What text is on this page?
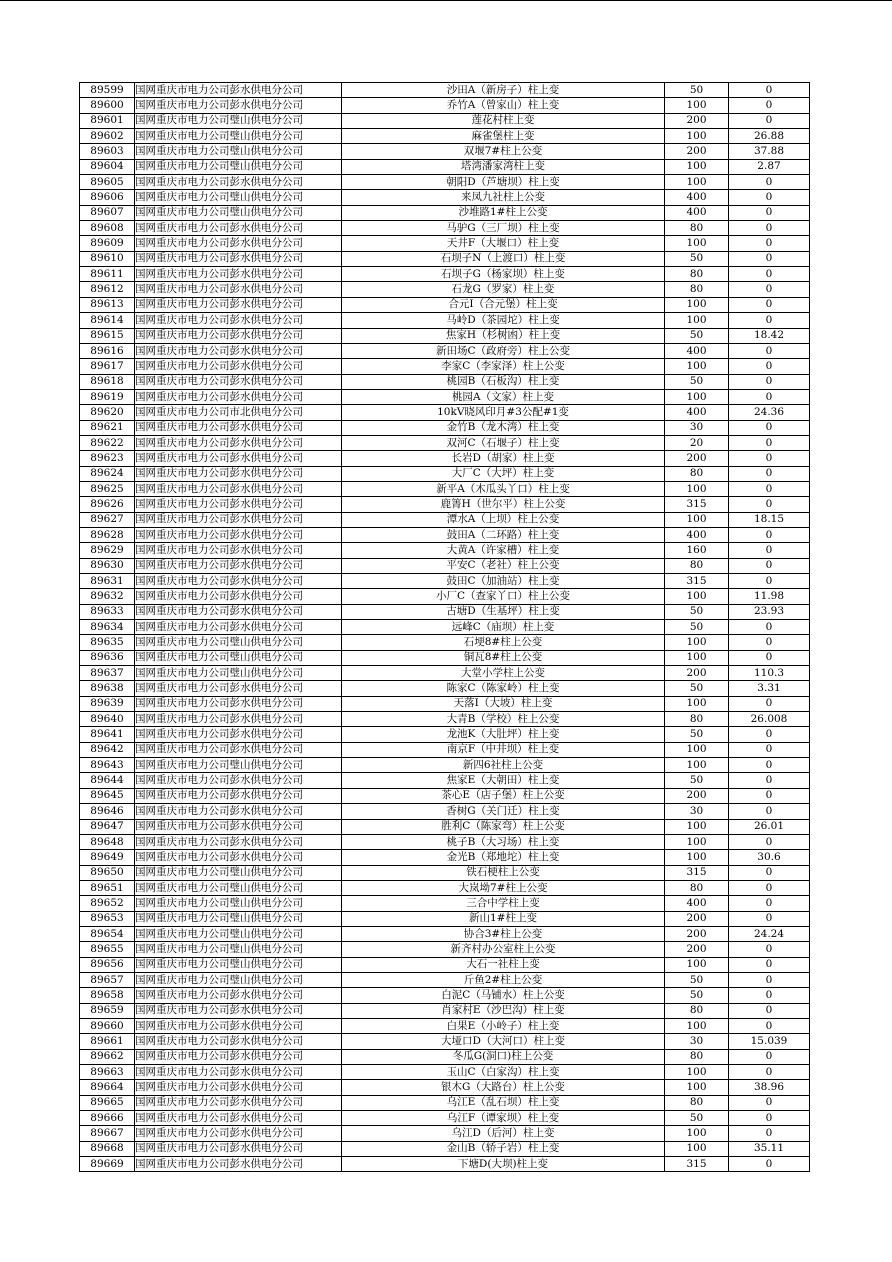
89599	国网重庆市电力公司彭水供电分公司	沙田A（新房子）柱上变	50	0
89600	国网重庆市电力公司彭水供电分公司	乔竹A（曾家山）柱上变	100	0
89601	国网重庆市电力公司璧山供电分公司	莲花村柱上变	200	0
89602	国网重庆市电力公司璧山供电分公司	麻雀堡柱上变	100	26.88
89603	国网重庆市电力公司璧山供电分公司	双堰7#柱上公变	200	37.88
89604	国网重庆市电力公司璧山供电分公司	塔湾潘家湾柱上变	100	2.87
89605	国网重庆市电力公司彭水供电分公司	朝阳D（芦塘坝）柱上变	100	0
89606	国网重庆市电力公司璧山供电分公司	来凤九社柱上公变	400	0
89607	国网重庆市电力公司璧山供电分公司	沙堆路1#柱上公变	400	0
89608	国网重庆市电力公司彭水供电分公司	马驴G（三厂坝）柱上变	80	0
89609	国网重庆市电力公司彭水供电分公司	天井F（大堰口）柱上变	100	0
89610	国网重庆市电力公司彭水供电分公司	石坝子N（上渡口）柱上变	50	0
89611	国网重庆市电力公司彭水供电分公司	石坝子G（杨家坝）柱上变	80	0
89612	国网重庆市电力公司彭水供电分公司	石龙G（罗家）柱上变	80	0
89613	国网重庆市电力公司彭水供电分公司	合元I（合元堡）柱上变	100	0
89614	国网重庆市电力公司彭水供电分公司	马岭D（茶园坨）柱上变	100	0
89615	国网重庆市电力公司彭水供电分公司	焦家H（杉树凼）柱上变	50	18.42
89616	国网重庆市电力公司彭水供电分公司	新田场C（政府旁）柱上公变	400	0
89617	国网重庆市电力公司彭水供电分公司	李家C（李家泽）柱上公变	100	0
89618	国网重庆市电力公司彭水供电分公司	桃园B（石板沟）柱上变	50	0
89619	国网重庆市电力公司彭水供电分公司	桃园A（文家）柱上变	100	0
89620	国网重庆市电力公司市北供电分公司	10kV晓风印月#3公配#1变	400	24.36
89621	国网重庆市电力公司彭水供电分公司	金竹B（龙木湾）柱上变	30	0
89622	国网重庆市电力公司彭水供电分公司	双河C（石堰子）柱上变	20	0
89623	国网重庆市电力公司彭水供电分公司	长岩D（胡家）柱上变	200	0
89624	国网重庆市电力公司彭水供电分公司	大厂C（大坪）柱上变	80	0
89625	国网重庆市电力公司彭水供电分公司	新平A（木瓜头丫口）柱上变	100	0
89626	国网重庆市电力公司彭水供电分公司	鹿箐H（世尔平）柱上公变	315	0
89627	国网重庆市电力公司彭水供电分公司	潭水A（上坝）柱上公变	100	18.15
89628	国网重庆市电力公司彭水供电分公司	鼓田A（二环路）柱上变	400	0
89629	国网重庆市电力公司彭水供电分公司	大黄A（许家槽）柱上变	160	0
89630	国网重庆市电力公司彭水供电分公司	平安C（老社）柱上公变	80	0
89631	国网重庆市电力公司彭水供电分公司	鼓田C（加油站）柱上变	315	0
89632	国网重庆市电力公司彭水供电分公司	小厂C（查家丫口）柱上公变	100	11.98
89633	国网重庆市电力公司彭水供电分公司	古塘D（生基坪）柱上变	50	23.93
89634	国网重庆市电力公司彭水供电分公司	远峰C（庙坝）柱上变	50	0
89635	国网重庆市电力公司璧山供电分公司	石埂8#柱上公变	100	0
89636	国网重庆市电力公司璧山供电分公司	铜瓦8#柱上公变	100	0
89637	国网重庆市电力公司璧山供电分公司	大堂小学柱上公变	200	110.3
89638	国网重庆市电力公司彭水供电分公司	陈家C（陈家岭）柱上变	50	3.31
89639	国网重庆市电力公司彭水供电分公司	天落I（大坡）柱上变	100	0
89640	国网重庆市电力公司彭水供电分公司	大青B（学校）柱上公变	80	26.008
89641	国网重庆市电力公司彭水供电分公司	龙池K（大肚坪）柱上变	50	0
89642	国网重庆市电力公司彭水供电分公司	南京F（中井坝）柱上变	100	0
89643	国网重庆市电力公司璧山供电分公司	新四6社柱上公变	100	0
89644	国网重庆市电力公司彭水供电分公司	焦家E（大朝田）柱上变	50	0
89645	国网重庆市电力公司彭水供电分公司	茶心E（店子堡）柱上公变	200	0
89646	国网重庆市电力公司彭水供电分公司	香树G（关门迁）柱上变	30	0
89647	国网重庆市电力公司彭水供电分公司	胜利C（陈家弯）柱上公变	100	26.01
89648	国网重庆市电力公司彭水供电分公司	桃子B（大习场）柱上变	100	0
89649	国网重庆市电力公司彭水供电分公司	金光B（郑地坨）柱上变	100	30.6
89650	国网重庆市电力公司璧山供电分公司	铁石梗柱上公变	315	0
89651	国网重庆市电力公司璧山供电分公司	大岚坳7#柱上公变	80	0
89652	国网重庆市电力公司璧山供电分公司	三合中学柱上变	400	0
89653	国网重庆市电力公司璧山供电分公司	新山1#柱上变	200	0
89654	国网重庆市电力公司璧山供电分公司	协合3#柱上公变	200	24.24
89655	国网重庆市电力公司璧山供电分公司	新齐村办公室柱上公变	200	0
89656	国网重庆市电力公司璧山供电分公司	大石一社柱上变	100	0
89657	国网重庆市电力公司璧山供电分公司	斤鱼2#柱上公变	50	0
89658	国网重庆市电力公司彭水供电分公司	白泥C（马铺水）柱上公变	50	0
89659	国网重庆市电力公司彭水供电分公司	肖家村E（沙巴沟）柱上变	80	0
89660	国网重庆市电力公司彭水供电分公司	白果E（小岭子）柱上变	100	0
89661	国网重庆市电力公司彭水供电分公司	大垭口D（大河口）柱上变	30	15.039
89662	国网重庆市电力公司彭水供电分公司	冬瓜G(洞口)柱上公变	80	0
89663	国网重庆市电力公司彭水供电分公司	玉山C（白家沟）柱上变	100	0
89664	国网重庆市电力公司彭水供电分公司	银木G（大路台）柱上公变	100	38.96
89665	国网重庆市电力公司彭水供电分公司	乌江E（乱石坝）柱上变	80	0
89666	国网重庆市电力公司彭水供电分公司	乌江F（谭家坝）柱上变	50	0
89667	国网重庆市电力公司彭水供电分公司	乌江D（后河）柱上变	100	0
89668	国网重庆市电力公司彭水供电分公司	金山B（轿子岩）柱上变	100	35.11
89669	国网重庆市电力公司彭水供电分公司	下塘D(大坝)柱上变	315	0
